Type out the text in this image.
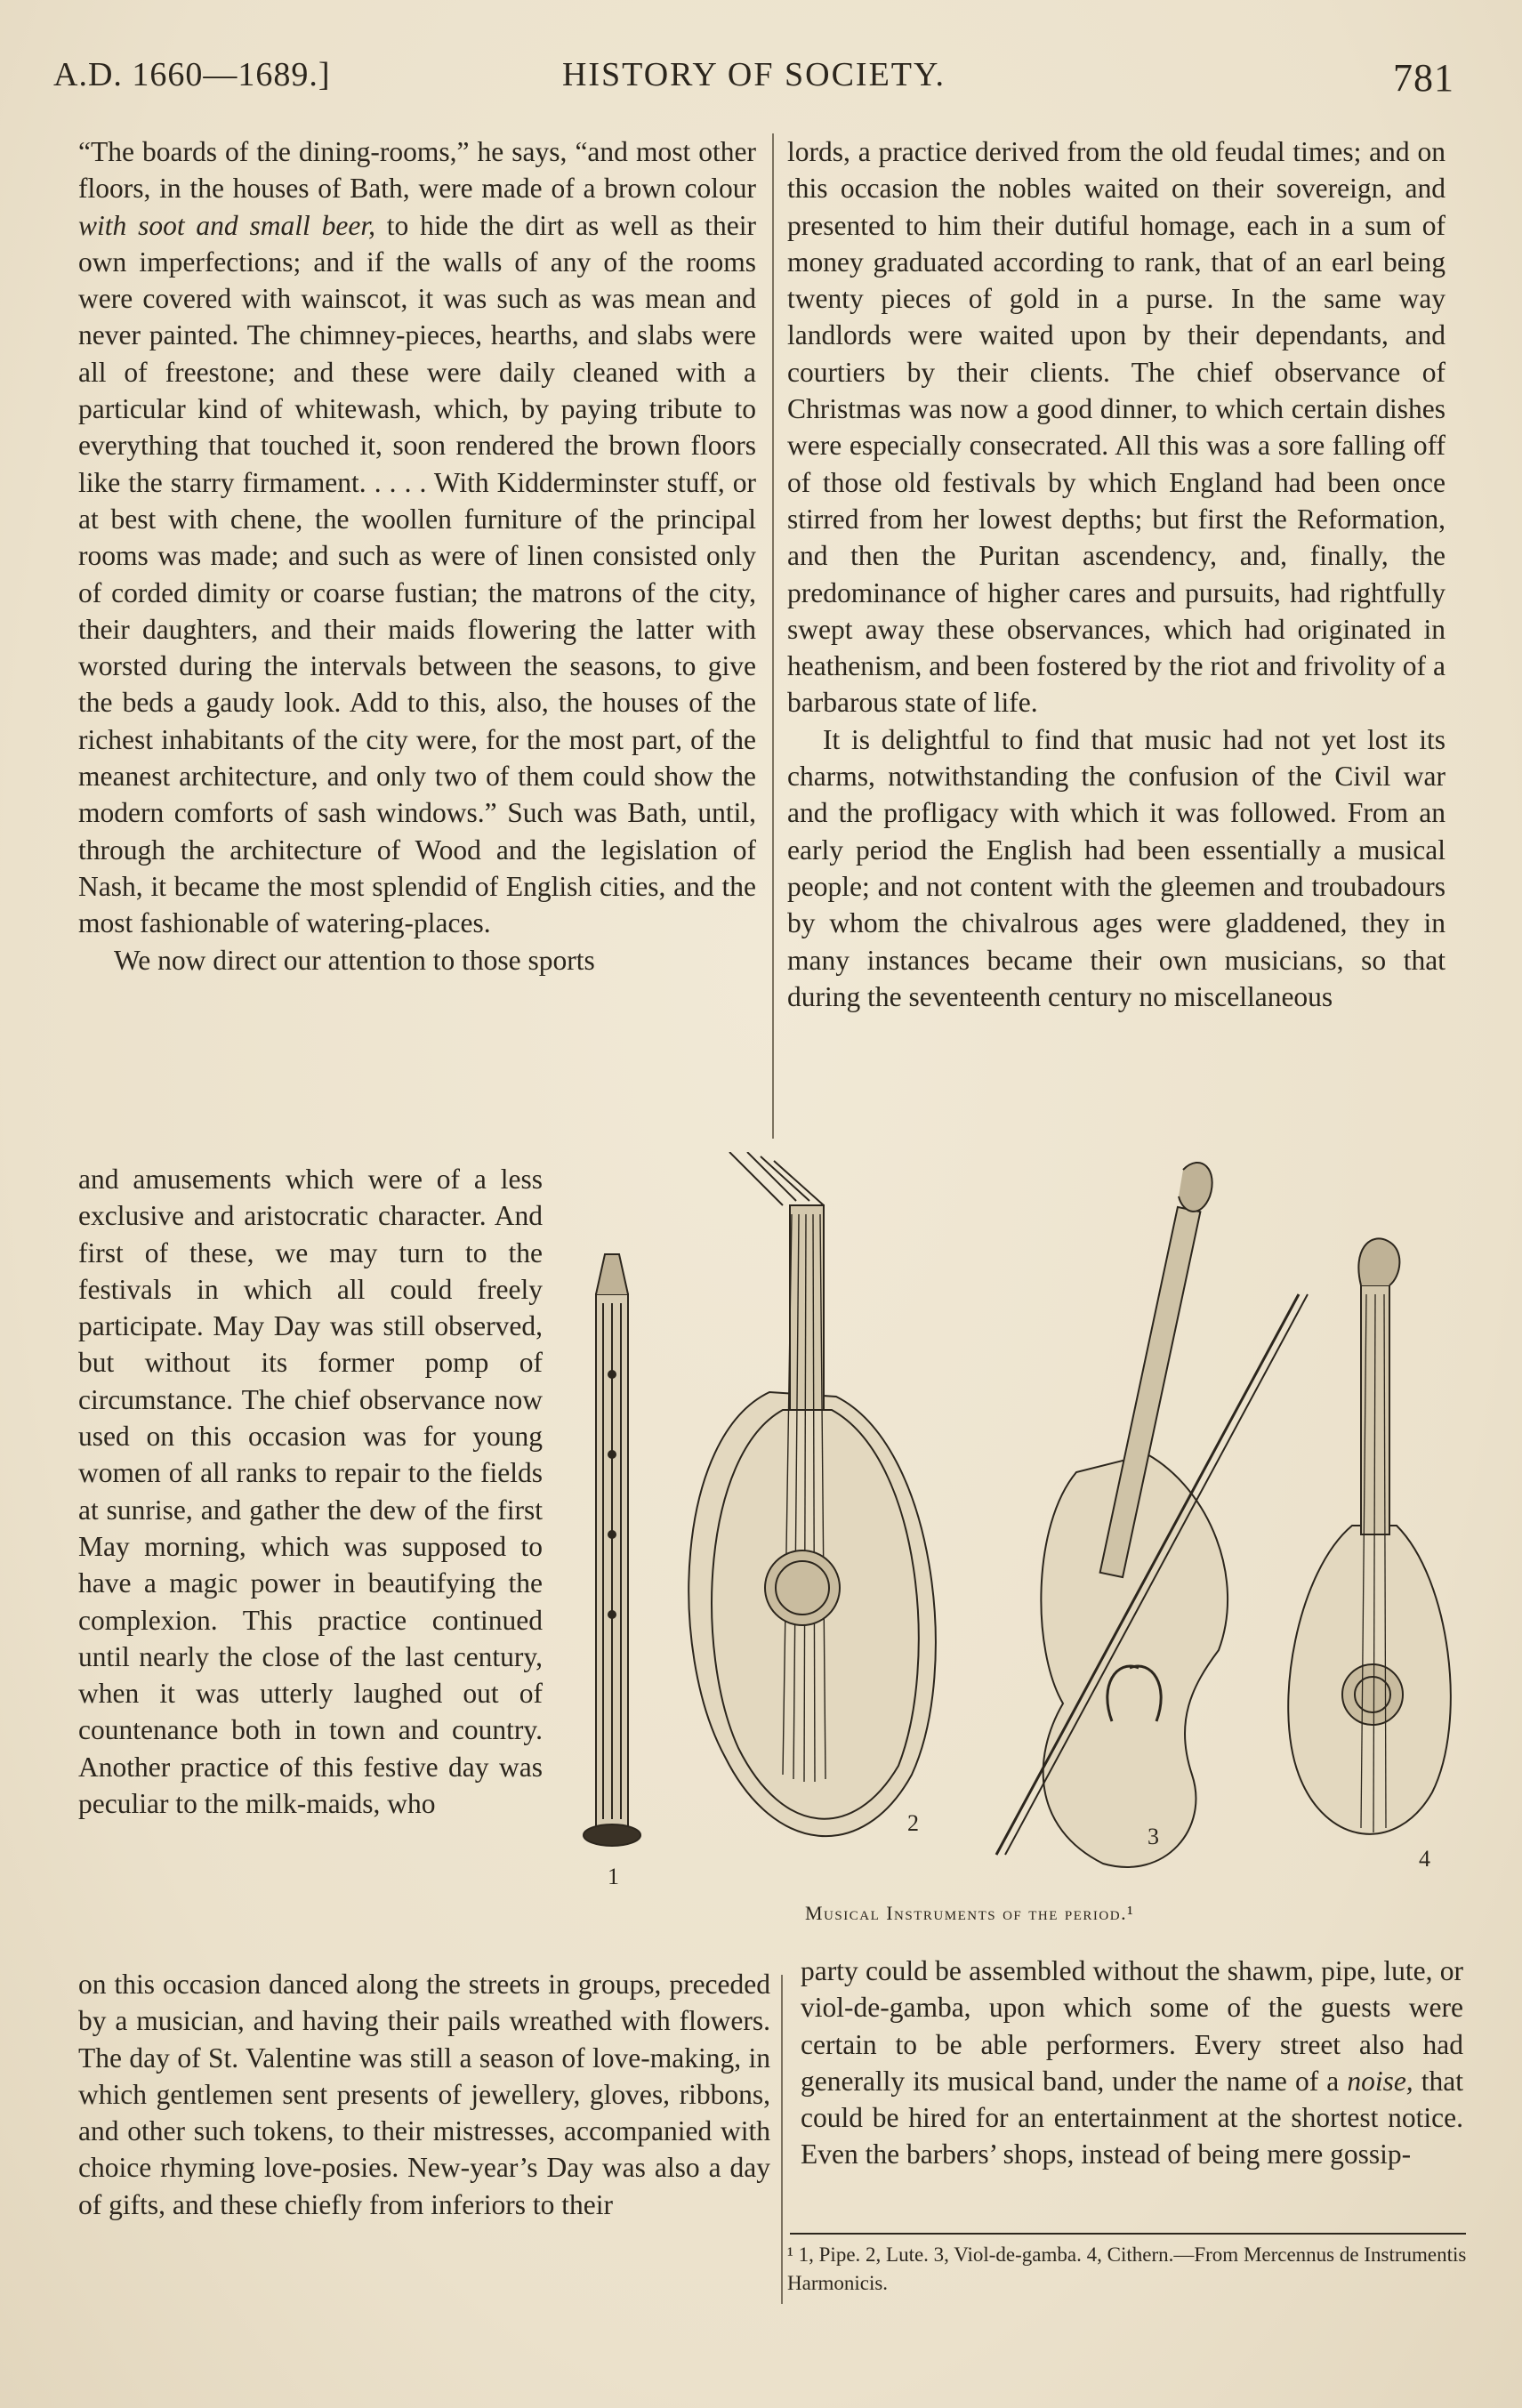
A.D. 1660—1689.]	HISTORY OF SOCIETY.	781

“The boards of the dining-rooms,” he says, “and most other floors, in the houses of Bath, were made of a brown colour with soot and small beer, to hide the dirt as well as their own imperfections; and if the walls of any of the rooms were covered with wainscot, it was such as was mean and never painted. The chimney-pieces, hearths, and slabs were all of freestone; and these were daily cleaned with a particular kind of whitewash, which, by paying tribute to everything that touched it, soon rendered the brown floors like the starry firmament. . . . . With Kidderminster stuff, or at best with chene, the woollen furniture of the principal rooms was made; and such as were of linen consisted only of corded dimity or coarse fustian; the matrons of the city, their daughters, and their maids flowering the latter with worsted during the intervals between the seasons, to give the beds a gaudy look. Add to this, also, the houses of the richest inhabitants of the city were, for the most part, of the meanest architecture, and only two of them could show the modern comforts of sash windows.” Such was Bath, until, through the architecture of Wood and the legislation of Nash, it became the most splendid of English cities, and the most fashionable of watering-places.

We now direct our attention to those sports

and amusements which were of a less exclusive and aristocratic character. And first of these, we may turn to the festivals in which all could freely participate. May Day was still observed, but without its former pomp of circumstance. The chief observance now used on this occasion was for young women of all ranks to repair to the fields at sunrise, and gather the dew of the first May morning, which was supposed to have a magic power in beautifying the complexion. This practice continued until nearly the close of the last century, when it was utterly laughed out of countenance both in town and country. Another practice of this festive day was peculiar to the milk-maids, who

on this occasion danced along the streets in groups, preceded by a musician, and having their pails wreathed with flowers. The day of St. Valentine was still a season of love-making, in which gentlemen sent presents of jewellery, gloves, ribbons, and other such tokens, to their mistresses, accompanied with choice rhyming love-posies. New-year’s Day was also a day of gifts, and these chiefly from inferiors to their

lords, a practice derived from the old feudal times; and on this occasion the nobles waited on their sovereign, and presented to him their dutiful homage, each in a sum of money graduated according to rank, that of an earl being twenty pieces of gold in a purse. In the same way landlords were waited upon by their dependants, and courtiers by their clients. The chief observance of Christmas was now a good dinner, to which certain dishes were especially consecrated. All this was a sore falling off of those old festivals by which England had been once stirred from her lowest depths; but first the Reformation, and then the Puritan ascendency, and, finally, the predominance of higher cares and pursuits, had rightfully swept away these observances, which had originated in heathenism, and been fostered by the riot and frivolity of a barbarous state of life.

It is delightful to find that music had not yet lost its charms, notwithstanding the confusion of the Civil war and the profligacy with which it was followed. From an early period the English had been essentially a musical people; and not content with the gleemen and troubadours by whom the chivalrous ages were gladdened, they in many instances became their own musicians, so that during the seventeenth century no miscellaneous

1
2
3
4
Musical Instruments of the period.¹

party could be assembled without the shawm, pipe, lute, or viol-de-gamba, upon which some of the guests were certain to be able performers. Every street also had generally its musical band, under the name of a noise, that could be hired for an entertainment at the shortest notice. Even the barbers’ shops, instead of being mere gossip-

¹ 1, Pipe. 2, Lute. 3, Viol-de-gamba. 4, Cithern.—From Mercennus de Instrumentis Harmonicis.
